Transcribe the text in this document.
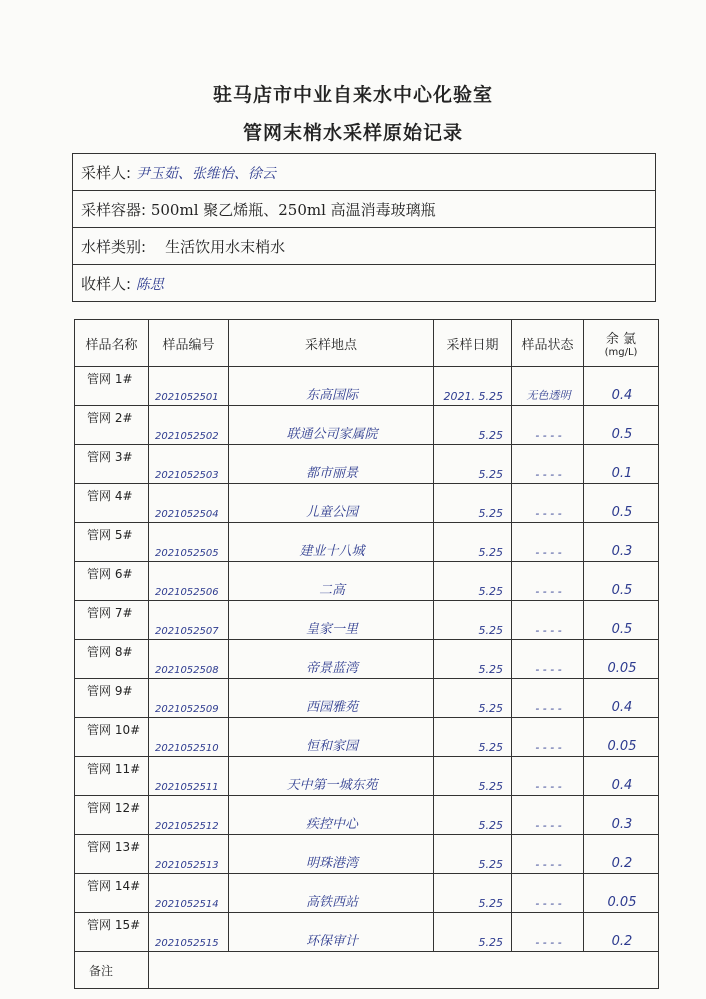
驻马店市中业自来水中心化验室
管网末梢水采样原始记录
采样人: 尹玉茹、张维怡、徐云
采样容器: 500ml 聚乙烯瓶、250ml 高温消毒玻璃瓶
水样类别: 生活饮用水末梢水
收样人: 陈思
样品名称	样品编号	采样地点	采样日期	样品状态	余 氯
(mg/L)

管网 1#	2021052501	东高国际	2021. 5.25	无色透明	0.4
管网 2#	2021052502	联通公司家属院	5.25	- - - -	0.5
管网 3#	2021052503	都市丽景	5.25	- - - -	0.1
管网 4#	2021052504	儿童公园	5.25	- - - -	0.5
管网 5#	2021052505	建业十八城	5.25	- - - -	0.3
管网 6#	2021052506	二高	5.25	- - - -	0.5
管网 7#	2021052507	皇家一里	5.25	- - - -	0.5
管网 8#	2021052508	帝景蓝湾	5.25	- - - -	0.05
管网 9#	2021052509	西园雅苑	5.25	- - - -	0.4
管网 10#	2021052510	恒和家园	5.25	- - - -	0.05
管网 11#	2021052511	天中第一城东苑	5.25	- - - -	0.4
管网 12#	2021052512	疾控中心	5.25	- - - -	0.3
管网 13#	2021052513	明珠港湾	5.25	- - - -	0.2
管网 14#	2021052514	高铁西站	5.25	- - - -	0.05
管网 15#	2021052515	环保审计	5.25	- - - -	0.2
备注					
